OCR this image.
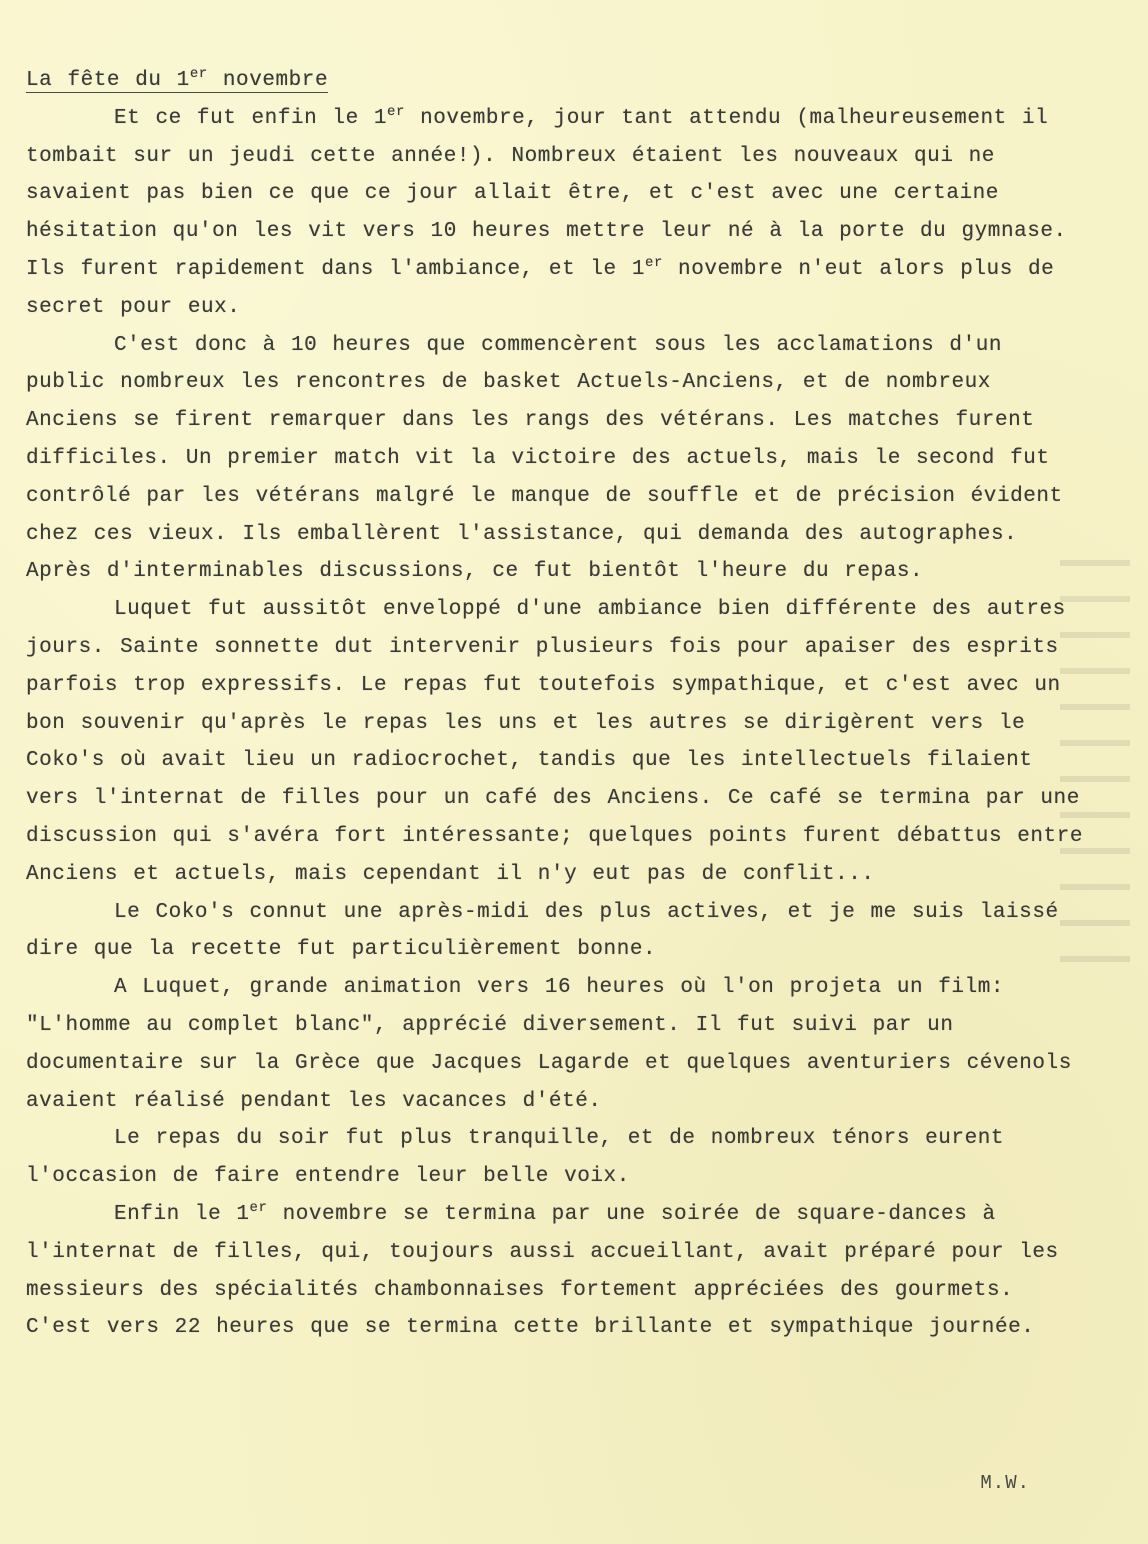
La fête du 1er novembre

Et ce fut enfin le 1er novembre, jour tant attendu (malheureusement il tombait sur un jeudi cette année!). Nombreux étaient les nouveaux qui ne savaient pas bien ce que ce jour allait être, et c'est avec une certaine hésitation qu'on les vit vers 10 heures mettre leur né à la porte du gymnase. Ils furent rapidement dans l'ambiance, et le 1er novembre n'eut alors plus de secret pour eux.

C'est donc à 10 heures que commencèrent sous les acclamations d'un public nombreux les rencontres de basket Actuels-Anciens, et de nombreux Anciens se firent remarquer dans les rangs des vétérans. Les matches furent difficiles. Un premier match vit la victoire des actuels, mais le second fut contrôlé par les vétérans malgré le manque de souffle et de précision évident chez ces vieux. Ils emballèrent l'assistance, qui demanda des autographes. Après d'interminables discussions, ce fut bientôt l'heure du repas.

Luquet fut aussitôt enveloppé d'une ambiance bien différente des autres jours. Sainte sonnette dut intervenir plusieurs fois pour apaiser des esprits parfois trop expressifs. Le repas fut toutefois sympathique, et c'est avec un bon souvenir qu'après le repas les uns et les autres se dirigèrent vers le Coko's où avait lieu un radiocrochet, tandis que les intellectuels filaient vers l'internat de filles pour un café des Anciens. Ce café se termina par une discussion qui s'avéra fort intéressante; quelques points furent débattus entre Anciens et actuels, mais cependant il n'y eut pas de conflit...

Le Coko's connut une après-midi des plus actives, et je me suis laissé dire que la recette fut particulièrement bonne.

A Luquet, grande animation vers 16 heures où l'on projeta un film: "L'homme au complet blanc", apprécié diversement. Il fut suivi par un documentaire sur la Grèce que Jacques Lagarde et quelques aventuriers cévenols avaient réalisé pendant les vacances d'été.

Le repas du soir fut plus tranquille, et de nombreux ténors eurent l'occasion de faire entendre leur belle voix.

Enfin le 1er novembre se termina par une soirée de square-dances à l'internat de filles, qui, toujours aussi accueillant, avait préparé pour les messieurs des spécialités chambonnaises fortement appréciées des gourmets. C'est vers 22 heures que se termina cette brillante et sympathique journée.

M.W.
